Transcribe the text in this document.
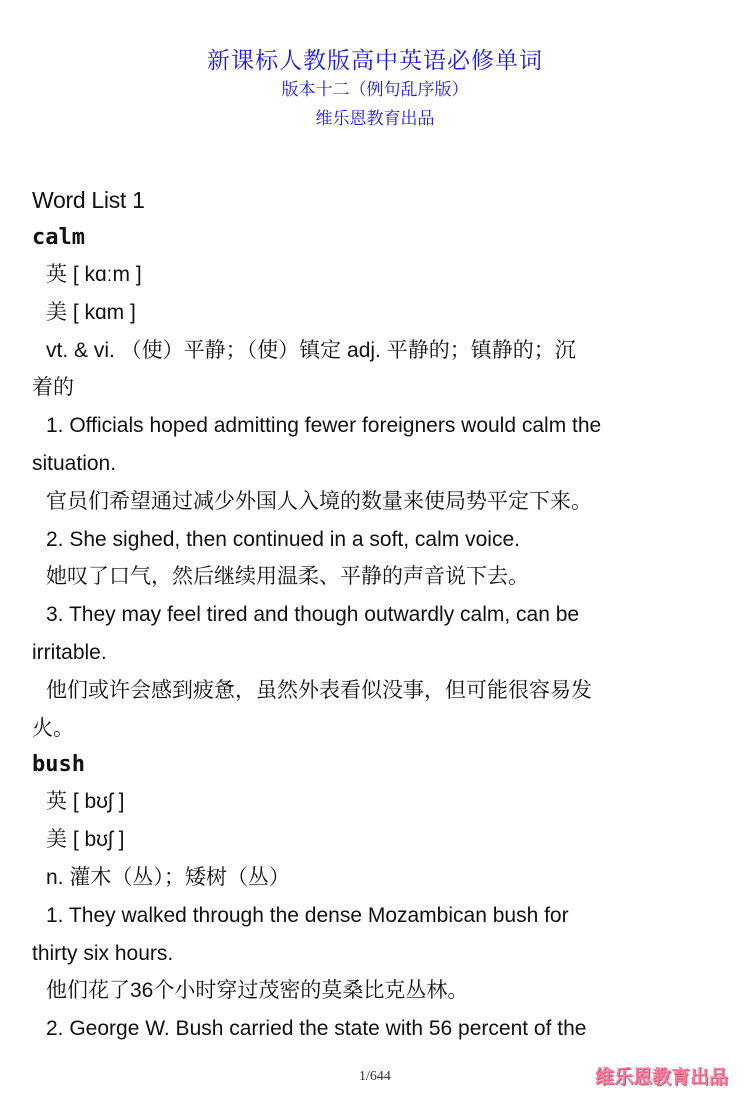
新课标人教版高中英语必修单词
版本十二（例句乱序版）
维乐恩教育出品
Word List 1
calm
英 [ kɑːm ]
美 [ kɑm ]
vt. & vi. （使）平静；（使）镇定 adj. 平静的；镇静的；沉
着的
1. Officials hoped admitting fewer foreigners would calm the
situation.
官员们希望通过减少外国人入境的数量来使局势平定下来。
2. She sighed, then continued in a soft, calm voice.
她叹了口气，然后继续用温柔、平静的声音说下去。
3. They may feel tired and though outwardly calm, can be
irritable.
他们或许会感到疲惫，虽然外表看似没事，但可能很容易发
火。
bush
英 [ bʊʃ ]
美 [ bʊʃ ]
n. 灌木（丛）；矮树（丛）
1. They walked through the dense Mozambican bush for
thirty six hours.
他们花了36个小时穿过茂密的莫桑比克丛林。
2. George W. Bush carried the state with 56 percent of the
1/644	维乐恩教育出品
